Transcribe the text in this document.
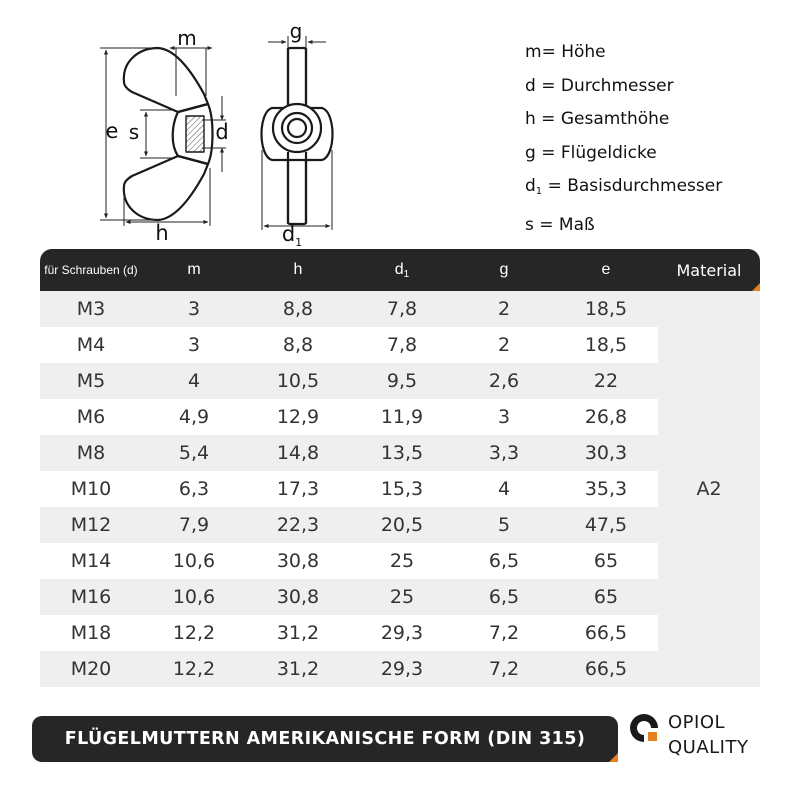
m
e s	d
h
g
$d_1$
m= Höhe
d = Durchmesser
h = Gesamthöhe
g = Flügeldicke
$d_1$ = Basisdurchmesser
s = Maß
für Schrauben (d)	m	h	$d_1$	g	e	Material
M3	3	8,8	7,8	2	18,5	A2
M4	3	8,8	7,8	2	18,5	
M5	4	10,5	9,5	2,6	22	
M6	4,9	12,9	11,9	3	26,8	
M8	5,4	14,8	13,5	3,3	30,3	
M10	6,3	17,3	15,3	4	35,3	
M12	7,9	22,3	20,5	5	47,5	
M14	10,6	30,8	25	6,5	65	
M16	10,6	30,8	25	6,5	65	
M18	12,2	31,2	29,3	7,2	66,5	
M20	12,2	31,2	29,3	7,2	66,5	
FLÜGELMUTTERN AMERIKANISCHE FORM (DIN 315)
OPIOL
QUALITY
